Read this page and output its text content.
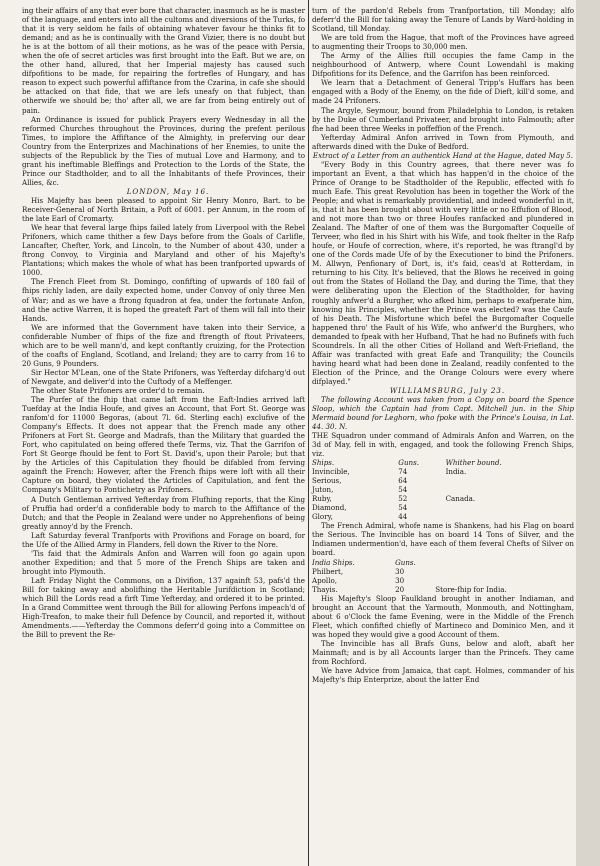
ing their affairs of any that ever bore that character, inasmuch as he is master of the language, and enters into all the cultoms and diversions of the Turks, fo that it is very seldom he fails of obtaining whatever favour he thinks fit to demand; and as he is continually with the Grand Vizier, there is no doubt but he is at the bottom of all their motions, as he was of the peace with Persia, when the ofe of secret articles was first brought into the Eaft. But we are, on the other hand, allured, that her Imperial majesty has caused such difpofitions to be made, for repairing the fortrefles of Hungary, and has reason to expect such powerful affiftance from the Czarina, in cafe she should be attacked on that fide, that we are lefs uneafy on that fubject, than otherwife we should be; tho' after all, we are far from being entirely out of pain.

An Ordinance is issued for publick Prayers every Wednesday in all the reformed Churches throughout the Provinces, during the prefent perilous Times, to implore the Affiftance of the Almighty, in preferving our dear Country from the Enterprizes and Machinations of her Enemies, to unite the subjects of the Republick by the Ties of mutual Love and Harmony, and to grant his ineftimable Bleffings and Protection to the Lords of the State, the Prince our Stadtholder, and to all the Inhabitants of thefe Provinces, their Allies, &c.

LONDON, May 16.

His Majefty has been pleased to appoint Sir Henry Monro, Bart. to be Receiver-General of North Britain, a Poft of 6001. per Annum, in the room of the late Earl of Cromarty.

We hear that feveral large fhips failed lately from Liverpool with the Rebel Prifoners, which came thither a few Days before from the Goals of Carlifle, Lancafter, Chefter, York, and Lincoln, to the Number of about 430, under a ftrong Convoy, to Virginia and Maryland and other of his Majefty's Plantations; which makes the whole of what has been tranfported upwards of 1000.

The French Fleet from St. Domingo, confifting of upwards of 180 fail of fhips richly laden, are daily expected home, under Convoy of only three Men of War; and as we have a ftrong fquadron at fea, under the fortunate Anfon, and the active Warren, it is hoped the greateft Part of them will fall into their Hands.

We are informed that the Government have taken into their Service, a confiderable Number of fhips of the fize and ftrength of ftout Privateers, which are to be well mann'd, and kept conftantly cruizing, for the Protection of the coafts of England, Scotland, and Ireland; they are to carry from 16 to 20 Guns, 9 Pounders.

Sir Hector M'Lean, one of the State Prifoners, was Yefterday difcharg'd out of Newgate, and deliver'd into the Cuftody of a Meffenger.

The other State Prifoners are order'd to remain.

The Purfer of the fhip that came laft from the Eaft-Indies arrived laft Tuefday at the India Houfe, and gives an Account, that Fort St. George was ranfom'd for 11000 Begoras, (about 7l. 6d. Sterling each) exclufive of the Company's Effects. It does not appear that the French made any other Prifoners at Fort St. George and Madrafs, than the Military that guarded the Fort, who capitulated on being offered thefe Terms, viz. That the Garrifon of Fort St George fhould be fent to Fort St. David's, upon their Parole; but that by the Articles of this Capitulation they fhould be difabled from ferving againft the French: However, after the French fhips were loft with all their Capture on board, they violated the Articles of Capitulation, and fent the Company's Military to Pontichetry as Prifoners.

A Dutch Gentleman arrived Yefterday from Flufhing reports, that the King of Pruffia had order'd a confiderable body to march to the Affiftance of the Dutch; and that the People in Zealand were under no Apprehenfions of being greatly annoy'd by the French.

Laft Saturday feveral Tranfports with Provifions and Forage on board, for the Ufe of the Allied Army in Flanders, fell down the River to the Nore.

'Tis faid that the Admirals Anfon and Warren will foon go again upon another Expedition; and that 5 more of the French Ships are taken and brought into Plymouth.

Laft Friday Night the Commons, on a Divifion, 137 againft 53, pafs'd the Bill for taking away and abolifhing the Heritable Jurifdiction in Scotland; which Bill the Lords read a firft Time Yefterday, and ordered it to be printed. In a Grand Committee went through the Bill for allowing Perfons impeach'd of High-Treafon, to make their full Defence by Council, and reported it, without Amendments.——Yefterday the Commons deferr'd going into a Committee on the Bill to prevent the Re-

turn of the pardon'd Rebels from Tranfportation, till Monday; alfo deferr'd the Bill for taking away the Tenure of Lands by Ward-holding in Scotland, till Monday.

We are told from the Hague, that moft of the Provinces have agreed to augmenting their Troops to 30,000 men.

The Army of the Allies ftill occupies the fame Camp in the neighbourhood of Antwerp, where Count Lowendahl is making Difpofitions for its Defence, and the Garrifon has been reinforced.

We learn that a Detachment of General Tripp's Huffars has been engaged with a Body of the Enemy, on the fide of Dieft, kill'd some, and made 24 Prifoners.

The Argyle, Seymour, bound from Philadelphia to London, is retaken by the Duke of Cumberland Privateer, and brought into Falmouth; after fhe had been three Weeks in poffeffion of the French.

Yefterday Admiral Anfon arrived in Town from Plymouth, and afterwards dined with the Duke of Bedford.

Extract of a Letter from an authentick Hand at the Hague, dated May 5.

"Every Body in this Country agrees, that there never was fo important an Event, a that which has happen'd in the choice of the Prince of Orange to be Stadtholder of the Republic, effected with fo much Eafe. This great Revolution has been in together the Work of the People; and what is remarkably providential, and indeed wonderful in it, is, that it has been brought about with very little or no Effufion of Blood, and not more than two or three Houfes ranfacked and plundered in Zealand. The Mafter of one of them was the Burgomafter Coquelle of Terveer, who fled in his Shirt with his Wife, and took fhelter in the Rafp houfe, or Houfe of correction, where, it's reported, he was ftrangl'd by one of the Cords made Ufe of by the Executioner to bind the Prifoners. M. Allwyn, Penfionary of Dort, is, it's faid, ceas'd at Rotterdam, in returning to his City. It's believed, that the Blows he received in going out from the States of Holland the Day, and during the Time, that they were deliberating upon the Election of the Stadtholder, for having roughly anfwer'd a Burgher, who afked him, perhaps to exafperate him, knowing his Principles, whether the Prince was elected? was the Caufe of his Death. The Misfortune which befel the Burgomafter Coquelle happened thro' the Fault of his Wife, who anfwer'd the Burghers, who demanded to fpeak with her Hufband, That he had no Bufinefs with fuch Scoundrels. In all the other Cities of Holland and Weft-Friefland, the Affair was tranfacted with great Eafe and Tranquility; the Councils having heard what had been done in Zealand, readily confented to the Election of the Prince, and the Orange Colours were every where difplayed."

WILLIAMSBURG, July 23.

The following Account was taken from a Copy on board the Spence Sloop, which the Captain had from Capt. Mitchell jun. in the Ship Mermaid bound for Leghorn, who fpoke with the Prince's Louisa, in Lat. 44. 30. N.

THE Squadron under command of Admirals Anfon and Warren, on the 3d of May, fell in with, engaged, and took the following French Ships, viz.

Ships.	Guns.	Whither bound.
Invincible,	74	India.
Serious,	64	
Juton,	54	
Ruby,	52	Canada.
Diamond,	54	
Glory,	44	

The French Admiral, whofe name is Shankens, had his Flag on board the Serious. The Invincible has on board 14 Tons of Silver, and the Indiamen undermention'd, have each of them feveral Chefts of Silver on board.

India Ships.	Guns.	
Philbert,	30	
Apollo,	30	
Thayis.	20	Store-fhip for India.

His Majefty's Sloop Faulkland brought in another Indiaman, and brought an Account that the Yarmouth, Monmouth, and Nottingham, about 6 o'Clock the fame Evening, were in the Middle of the French Fleet, which confifted chiefly of Martineco and Dominico Men, and it was hoped they would give a good Account of them.

The Invincible has all Brafs Guns, below and aloft, abaft her Mainmaft; and is by all Accounts larger than the Princefs. They came from Rochford.

We have Advice from Jamaica, that capt. Holmes, commander of his Majefty's fhip Enterprize, about the latter End
